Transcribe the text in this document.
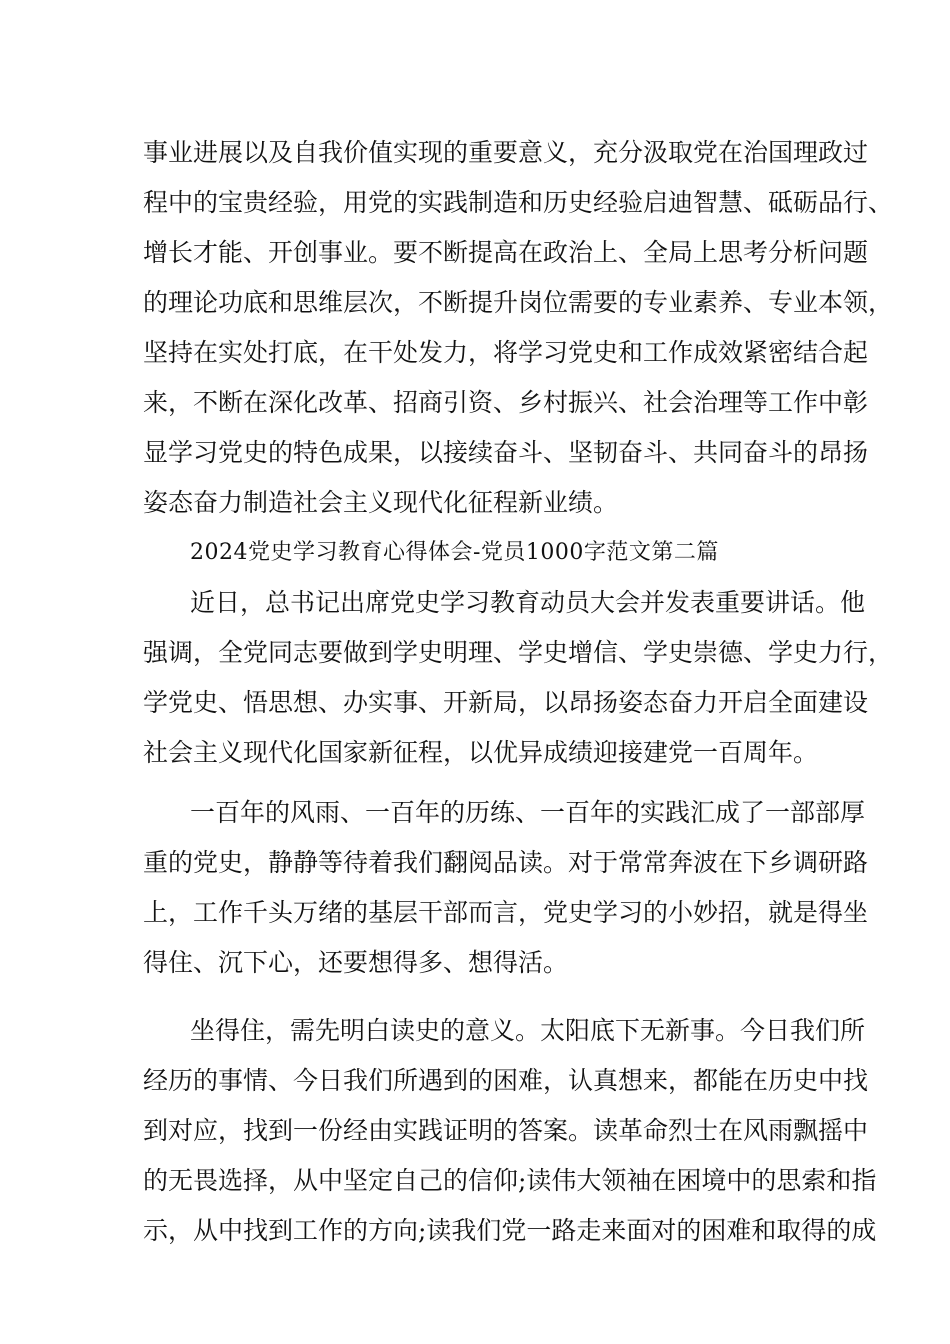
事业进展以及自我价值实现的重要意义，充分汲取党在治国理政过
程中的宝贵经验，用党的实践制造和历史经验启迪智慧、砥砺品行、
增长才能、开创事业。要不断提高在政治上、全局上思考分析问题
的理论功底和思维层次，不断提升岗位需要的专业素养、专业本领，
坚持在实处打底，在干处发力，将学习党史和工作成效紧密结合起
来，不断在深化改革、招商引资、乡村振兴、社会治理等工作中彰
显学习党史的特色成果，以接续奋斗、坚韧奋斗、共同奋斗的昂扬
姿态奋力制造社会主义现代化征程新业绩。
2024党史学习教育心得体会-党员1000字范文第二篇
近日，总书记出席党史学习教育动员大会并发表重要讲话。他
强调，全党同志要做到学史明理、学史增信、学史崇德、学史力行，
学党史、悟思想、办实事、开新局，以昂扬姿态奋力开启全面建设
社会主义现代化国家新征程，以优异成绩迎接建党一百周年。
一百年的风雨、一百年的历练、一百年的实践汇成了一部部厚
重的党史，静静等待着我们翻阅品读。对于常常奔波在下乡调研路
上，工作千头万绪的基层干部而言，党史学习的小妙招，就是得坐
得住、沉下心，还要想得多、想得活。
坐得住，需先明白读史的意义。太阳底下无新事。今日我们所
经历的事情、今日我们所遇到的困难，认真想来，都能在历史中找
到对应，找到一份经由实践证明的答案。读革命烈士在风雨飘摇中
的无畏选择，从中坚定自己的信仰;读伟大领袖在困境中的思索和指
示，从中找到工作的方向;读我们党一路走来面对的困难和取得的成
